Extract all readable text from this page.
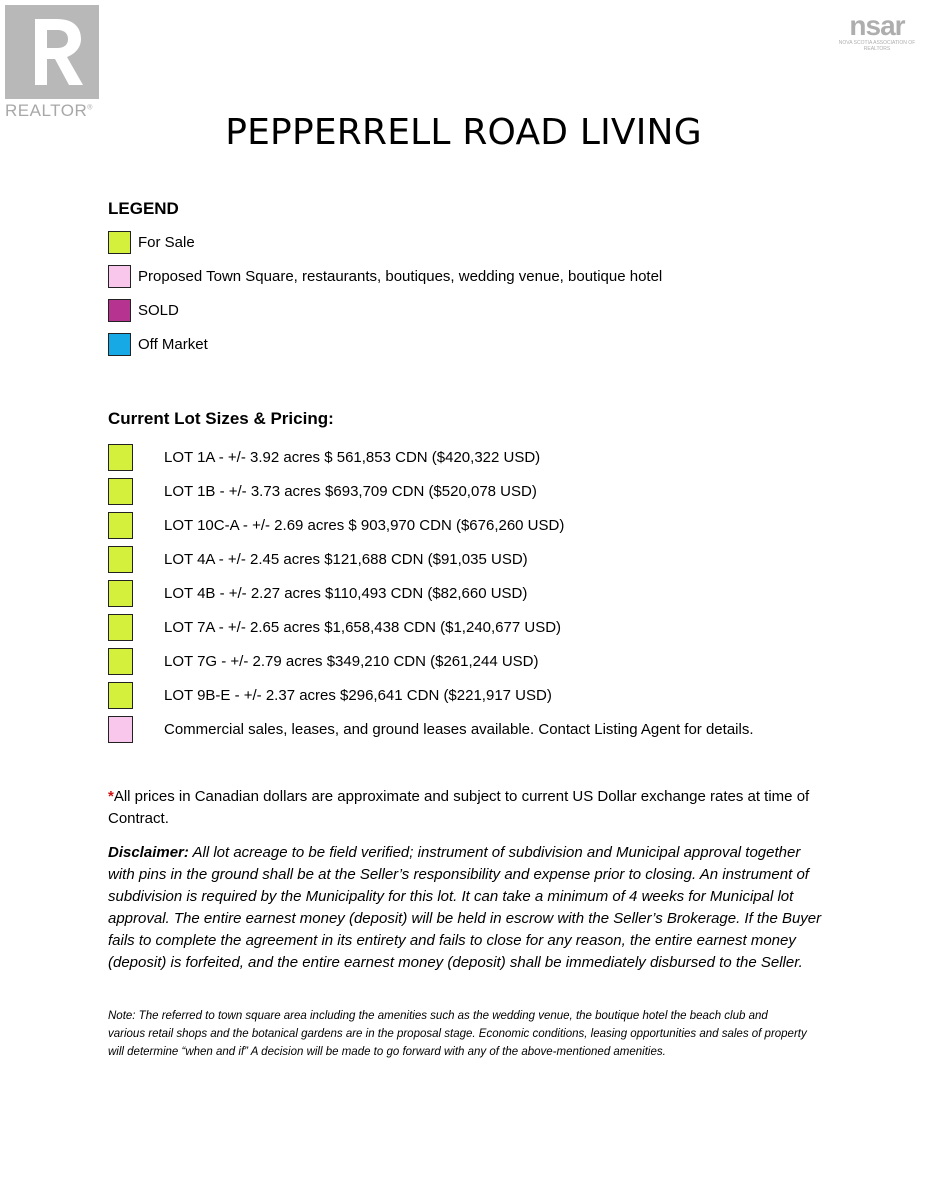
REALTOR®
nsar
NOVA SCOTIA ASSOCIATION OF REALTORS
PEPPERRELL ROAD LIVING
LEGEND
For Sale
Proposed Town Square, restaurants, boutiques, wedding venue, boutique hotel
SOLD
Off Market
Current Lot Sizes & Pricing:
LOT 1A - +/- 3.92 acres $ 561,853 CDN ($420,322 USD)
LOT 1B - +/- 3.73 acres $693,709 CDN ($520,078 USD)
LOT 10C-A - +/- 2.69 acres $ 903,970 CDN ($676,260 USD)
LOT 4A - +/- 2.45 acres $121,688 CDN ($91,035 USD)
LOT 4B - +/- 2.27 acres $110,493 CDN ($82,660 USD)
LOT 7A - +/- 2.65 acres $1,658,438 CDN ($1,240,677 USD)
LOT 7G - +/- 2.79 acres $349,210 CDN ($261,244 USD)
LOT 9B-E - +/- 2.37 acres $296,641 CDN ($221,917 USD)
Commercial sales, leases, and ground leases available. Contact Listing Agent for details.
*All prices in Canadian dollars are approximate and subject to current US Dollar exchange rates at time of Contract.
Disclaimer: All lot acreage to be field verified; instrument of subdivision and Municipal approval together with pins in the ground shall be at the Seller’s responsibility and expense prior to closing. An instrument of subdivision is required by the Municipality for this lot. It can take a minimum of 4 weeks for Municipal lot approval. The entire earnest money (deposit) will be held in escrow with the Seller’s Brokerage. If the Buyer fails to complete the agreement in its entirety and fails to close for any reason, the entire earnest money (deposit) is forfeited, and the entire earnest money (deposit) shall be immediately disbursed to the Seller.
Note: The referred to town square area including the amenities such as the wedding venue, the boutique hotel the beach club and various retail shops and the botanical gardens are in the proposal stage. Economic conditions, leasing opportunities and sales of property will determine “when and if” A decision will be made to go forward with any of the above-mentioned amenities.
